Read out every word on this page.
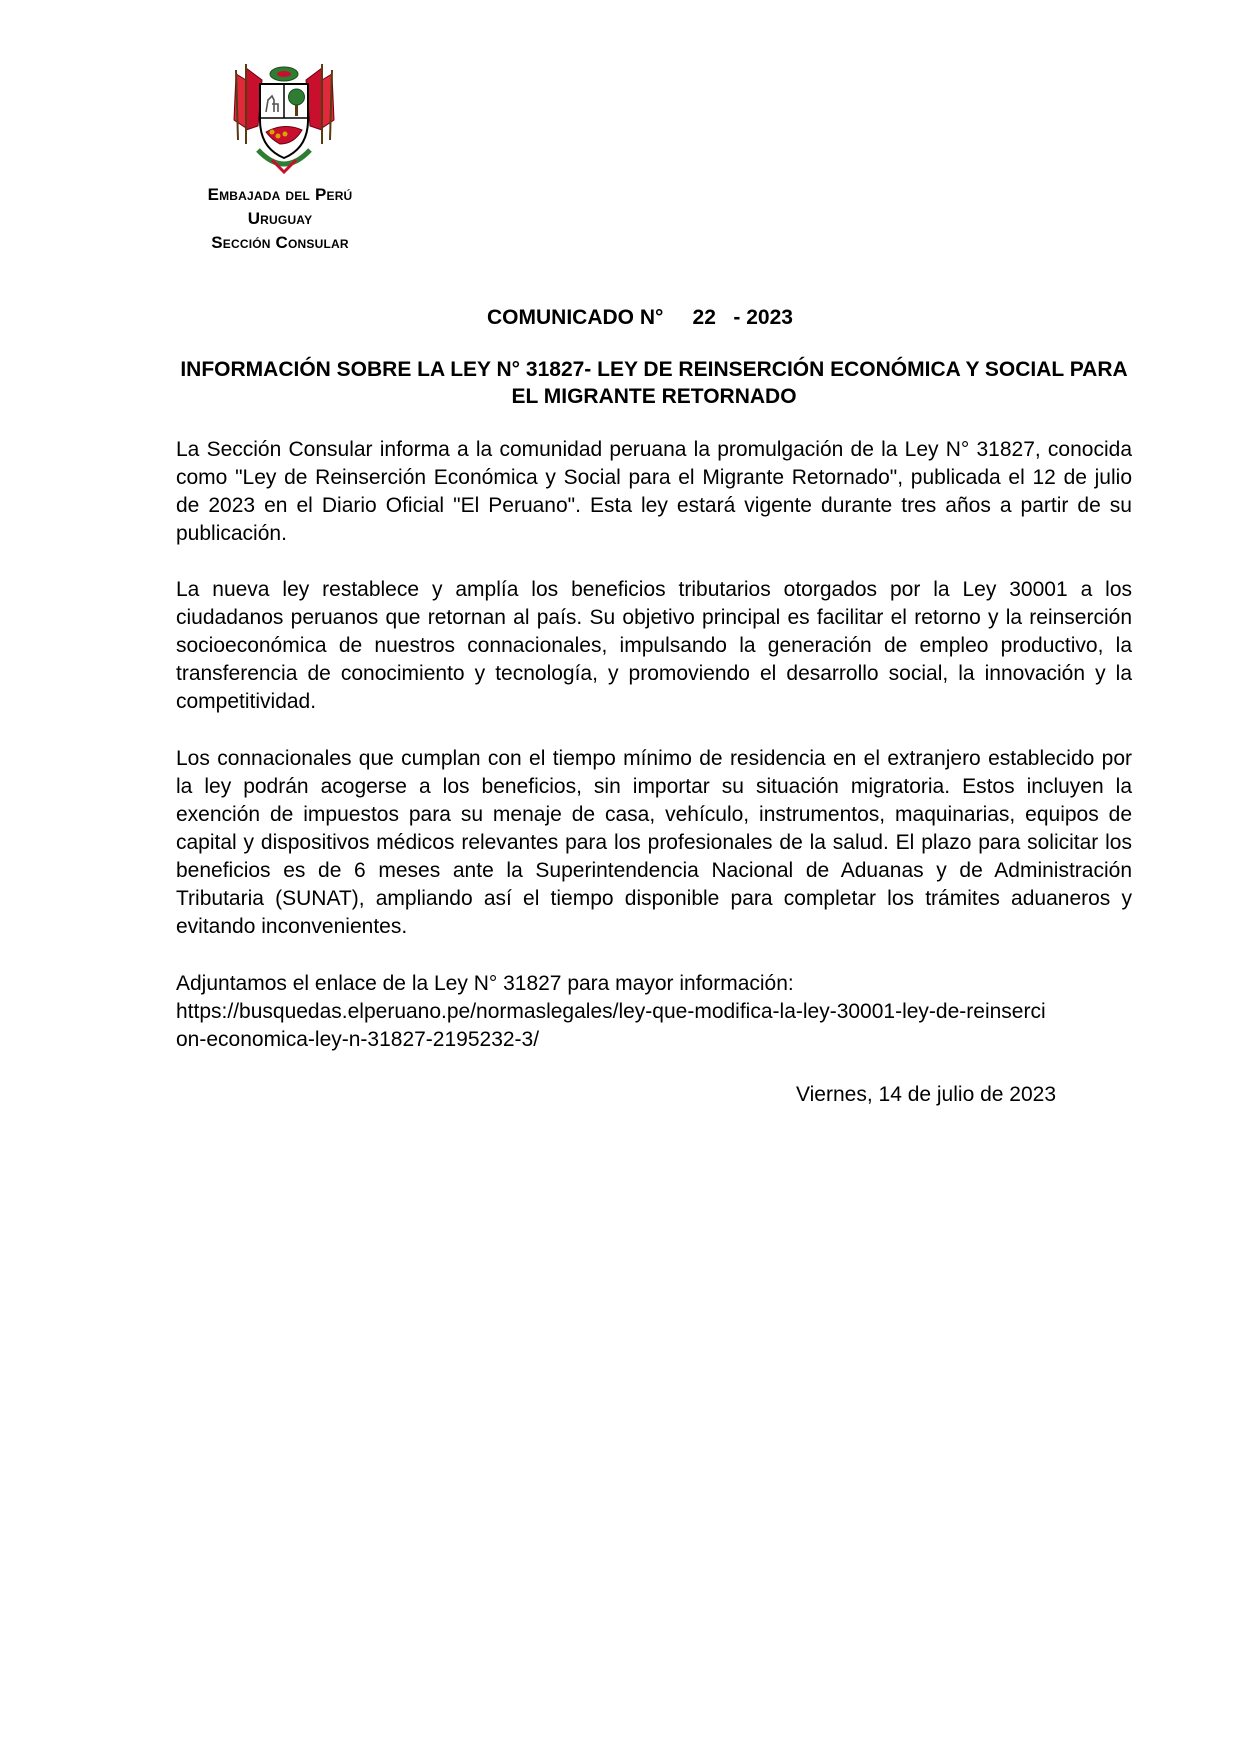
Embajada del Perú
Uruguay
Sección Consular
COMUNICADO N°     22   - 2023
INFORMACIÓN SOBRE LA LEY N° 31827- LEY DE REINSERCIÓN ECONÓMICA Y SOCIAL PARA EL MIGRANTE RETORNADO
La Sección Consular informa a la comunidad peruana la promulgación de la Ley N° 31827, conocida como "Ley de Reinserción Económica y Social para el Migrante Retornado", publicada el 12 de julio de 2023 en el Diario Oficial "El Peruano". Esta ley estará vigente durante tres años a partir de su publicación.
La nueva ley restablece y amplía los beneficios tributarios otorgados por la Ley 30001 a los ciudadanos peruanos que retornan al país. Su objetivo principal es facilitar el retorno y la reinserción socioeconómica de nuestros connacionales, impulsando la generación de empleo productivo, la transferencia de conocimiento y tecnología, y promoviendo el desarrollo social, la innovación y la competitividad.
Los connacionales que cumplan con el tiempo mínimo de residencia en el extranjero establecido por la ley podrán acogerse a los beneficios, sin importar su situación migratoria. Estos incluyen la exención de impuestos para su menaje de casa, vehículo, instrumentos, maquinarias, equipos de capital y dispositivos médicos relevantes para los profesionales de la salud. El plazo para solicitar los beneficios es de 6 meses ante la Superintendencia Nacional de Aduanas y de Administración Tributaria (SUNAT), ampliando así el tiempo disponible para completar los trámites aduaneros y evitando inconvenientes.
Adjuntamos el enlace de la Ley N° 31827 para mayor información:
https://busquedas.elperuano.pe/normaslegales/ley-que-modifica-la-ley-30001-ley-de-reinsercion-economica-ley-n-31827-2195232-3/
Viernes, 14 de julio de 2023
